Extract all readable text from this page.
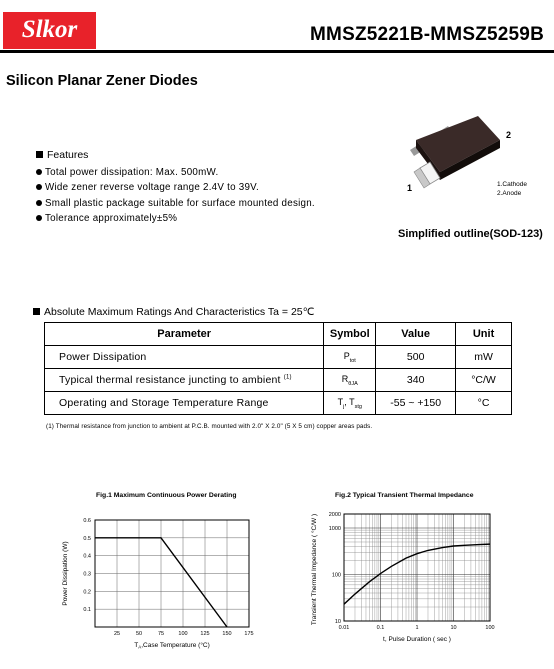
Slkor	MMSZ5221B-MMSZ5259B
Silicon Planar Zener Diodes
Features
Total power dissipation: Max. 500mW.
Wide zener reverse voltage range 2.4V to 39V.
Small plastic package suitable for surface mounted design.
Tolerance approximately±5%
1
2
1.Cathode
2.Anode
Simplified outline(SOD-123)
Absolute Maximum Ratings And Characteristics Ta = 25℃
Parameter	Symbol	Value	Unit
Power Dissipation	$P_{tot}$	500	mW
Typical thermal resistance juncting to ambient $^{(1)}$	$R_{\theta JA}$	340	°C/W
Operating and Storage Temperature Range	$T_j$, $T_{stg}$	-55 ~ +150	°C
(1) Thermal resistance from junction to ambient at P.C.B. mounted with 2.0" X 2.0" (5 X 5 cm) copper areas pads.
Fig.1 Maximum Continuous Power Derating
25	50	75	100 125 150 175
0.1
0.2
0.3
0.4
0.5
0.6
Power Dissipation (W)
$T_A,Case$ Temperature (°C)
Fig.2 Typical Transient Thermal Impedance
0.01	0.1	1	10	100
10
100
1000
2000
Transient Thermal Impedance ( °C/W )
t, Pulse Duration ( sec )
